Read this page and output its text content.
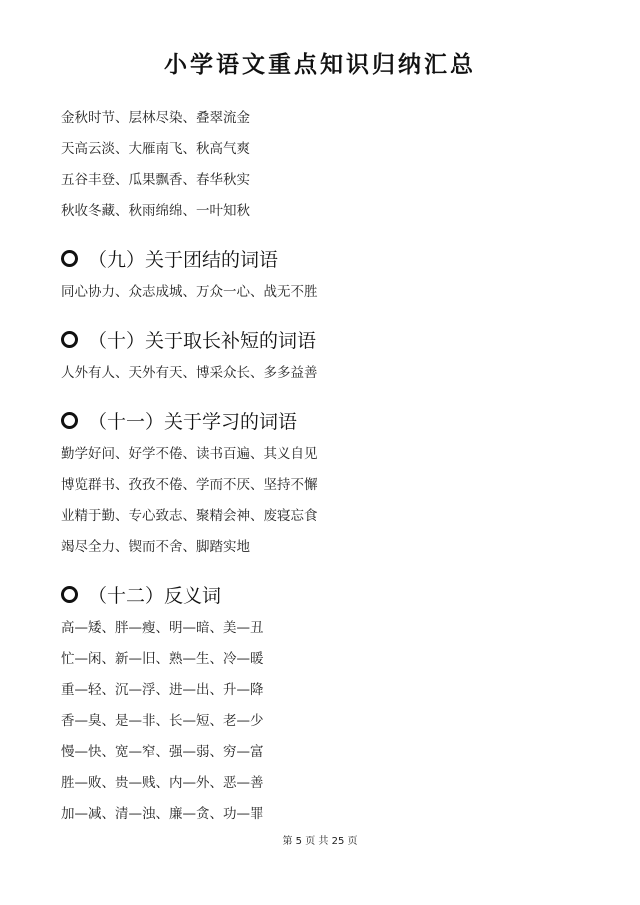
小学语文重点知识归纳汇总
金秋时节、层林尽染、叠翠流金
天高云淡、大雁南飞、秋高气爽
五谷丰登、瓜果飘香、春华秋实
秋收冬藏、秋雨绵绵、一叶知秋
（九）关于团结的词语
同心协力、众志成城、万众一心、战无不胜
（十）关于取长补短的词语
人外有人、天外有天、博采众长、多多益善
（十一）关于学习的词语
勤学好问、好学不倦、读书百遍、其义自见
博览群书、孜孜不倦、学而不厌、坚持不懈
业精于勤、专心致志、聚精会神、废寝忘食
竭尽全力、锲而不舍、脚踏实地
（十二）反义词
高—矮、胖—瘦、明—暗、美—丑
忙—闲、新—旧、熟—生、冷—暖
重—轻、沉—浮、进—出、升—降
香—臭、是—非、长—短、老—少
慢—快、宽—窄、强—弱、穷—富
胜—败、贵—贱、内—外、恶—善
加—减、清—浊、廉—贪、功—罪
第 5 页 共 25 页
